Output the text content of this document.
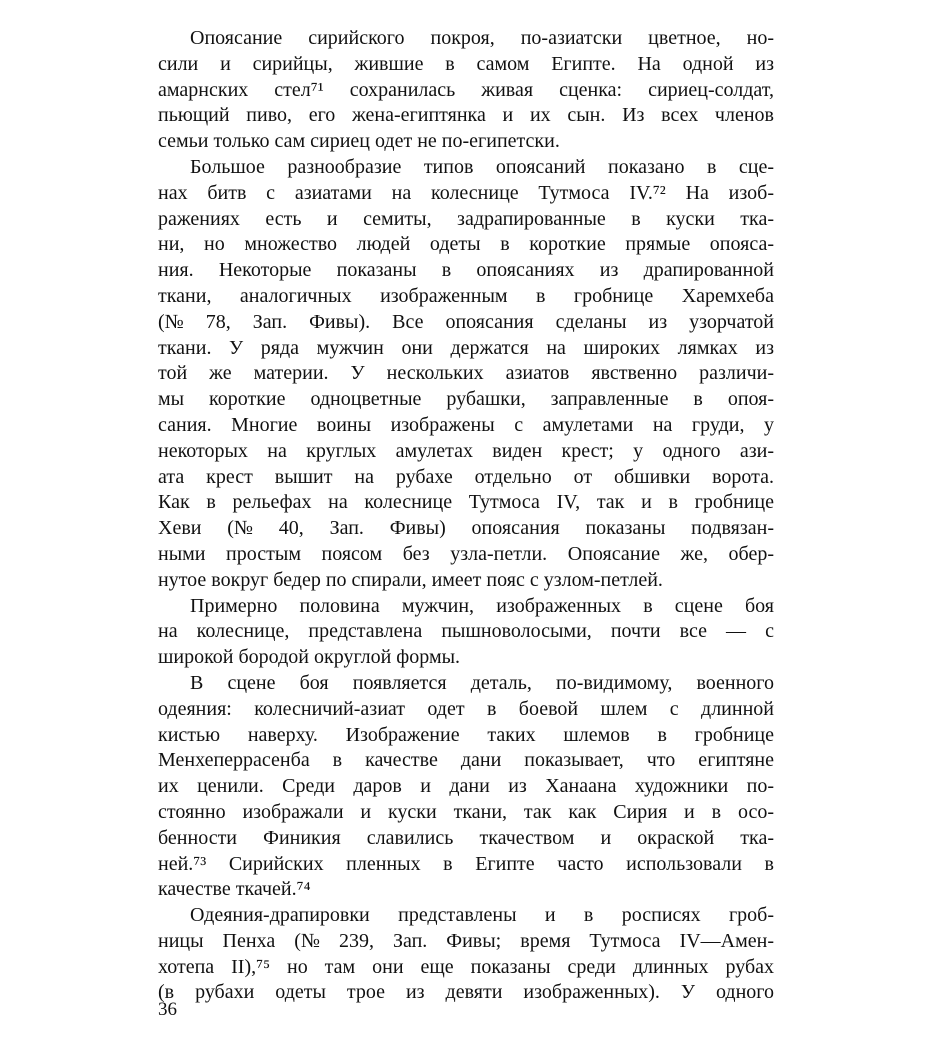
Опоясание сирийского покроя, по-азиатски цветное, но-
сили и сирийцы, жившие в самом Египте. На одной из
амарнских стел⁷¹ сохранилась живая сценка: сириец-солдат,
пьющий пиво, его жена-египтянка и их сын. Из всех членов
семьи только сам сириец одет не по-египетски.
Большое разнообразие типов опоясаний показано в сце-
нах битв с азиатами на колеснице Тутмоса IV.⁷² На изоб-
ражениях есть и семиты, задрапированные в куски тка-
ни, но множество людей одеты в короткие прямые опояса-
ния. Некоторые показаны в опоясаниях из драпированной
ткани, аналогичных изображенным в гробнице Харемхеба
(№ 78, Зап. Фивы). Все опоясания сделаны из узорчатой
ткани. У ряда мужчин они держатся на широких лямках из
той же материи. У нескольких азиатов явственно различи-
мы короткие одноцветные рубашки, заправленные в опоя-
сания. Многие воины изображены с амулетами на груди, у
некоторых на круглых амулетах виден крест; у одного ази-
ата крест вышит на рубахе отдельно от обшивки ворота.
Как в рельефах на колеснице Тутмоса IV, так и в гробнице
Хеви (№ 40, Зап. Фивы) опоясания показаны подвязан-
ными простым поясом без узла-петли. Опоясание же, обер-
нутое вокруг бедер по спирали, имеет пояс с узлом-петлей.
Примерно половина мужчин, изображенных в сцене боя
на колеснице, представлена пышноволосыми, почти все — с
широкой бородой округлой формы.
В сцене боя появляется деталь, по-видимому, военного
одеяния: колесничий-азиат одет в боевой шлем с длинной
кистью наверху. Изображение таких шлемов в гробнице
Менхеперрасенба в качестве дани показывает, что египтяне
их ценили. Среди даров и дани из Ханаана художники по-
стоянно изображали и куски ткани, так как Сирия и в осо-
бенности Финикия славились ткачеством и окраской тка-
ней.⁷³ Сирийских пленных в Египте часто использовали в
качестве ткачей.⁷⁴
Одеяния-драпировки представлены и в росписях гроб-
ницы Пенха (№ 239, Зап. Фивы; время Тутмоса IV—Амен-
хотепа II),⁷⁵ но там они еще показаны среди длинных рубах
(в рубахи одеты трое из девяти изображенных). У одного
36
